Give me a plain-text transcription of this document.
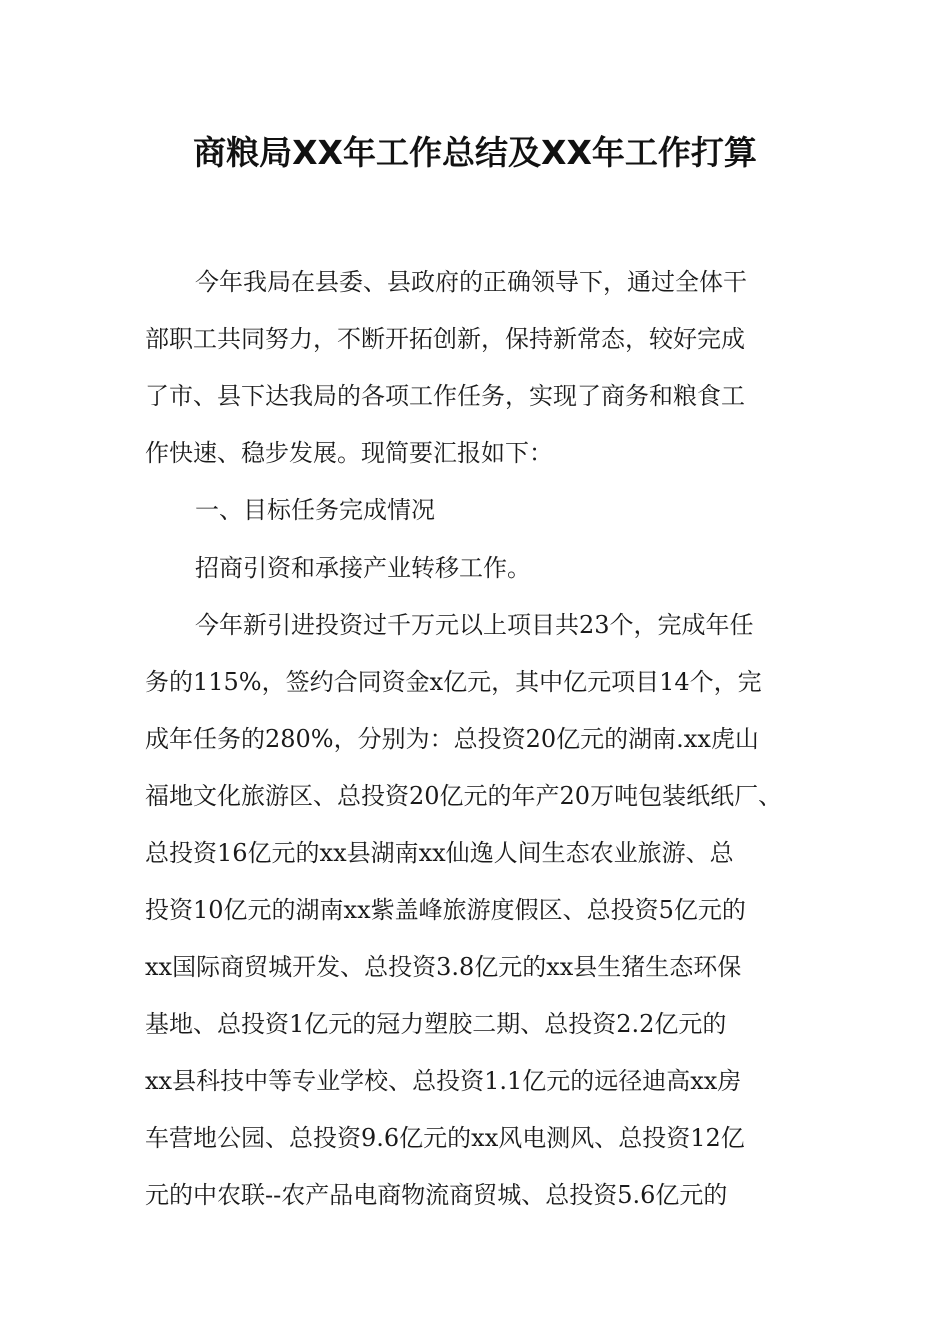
商粮局XX年工作总结及XX年工作打算
今年我局在县委、县政府的正确领导下，通过全体干
部职工共同努力，不断开拓创新，保持新常态，较好完成
了市、县下达我局的各项工作任务，实现了商务和粮食工
作快速、稳步发展。现简要汇报如下：
一、目标任务完成情况
招商引资和承接产业转移工作。
今年新引进投资过千万元以上项目共23个，完成年任
务的115%，签约合同资金x亿元，其中亿元项目14个，完
成年任务的280%，分别为：总投资20亿元的湖南.xx虎山
福地文化旅游区、总投资20亿元的年产20万吨包装纸纸厂、
总投资16亿元的xx县湖南xx仙逸人间生态农业旅游、总
投资10亿元的湖南xx紫盖峰旅游度假区、总投资5亿元的
xx国际商贸城开发、总投资3.8亿元的xx县生猪生态环保
基地、总投资1亿元的冠力塑胶二期、总投资2.2亿元的
xx县科技中等专业学校、总投资1.1亿元的远径迪高xx房
车营地公园、总投资9.6亿元的xx风电测风、总投资12亿
元的中农联--农产品电商物流商贸城、总投资5.6亿元的
